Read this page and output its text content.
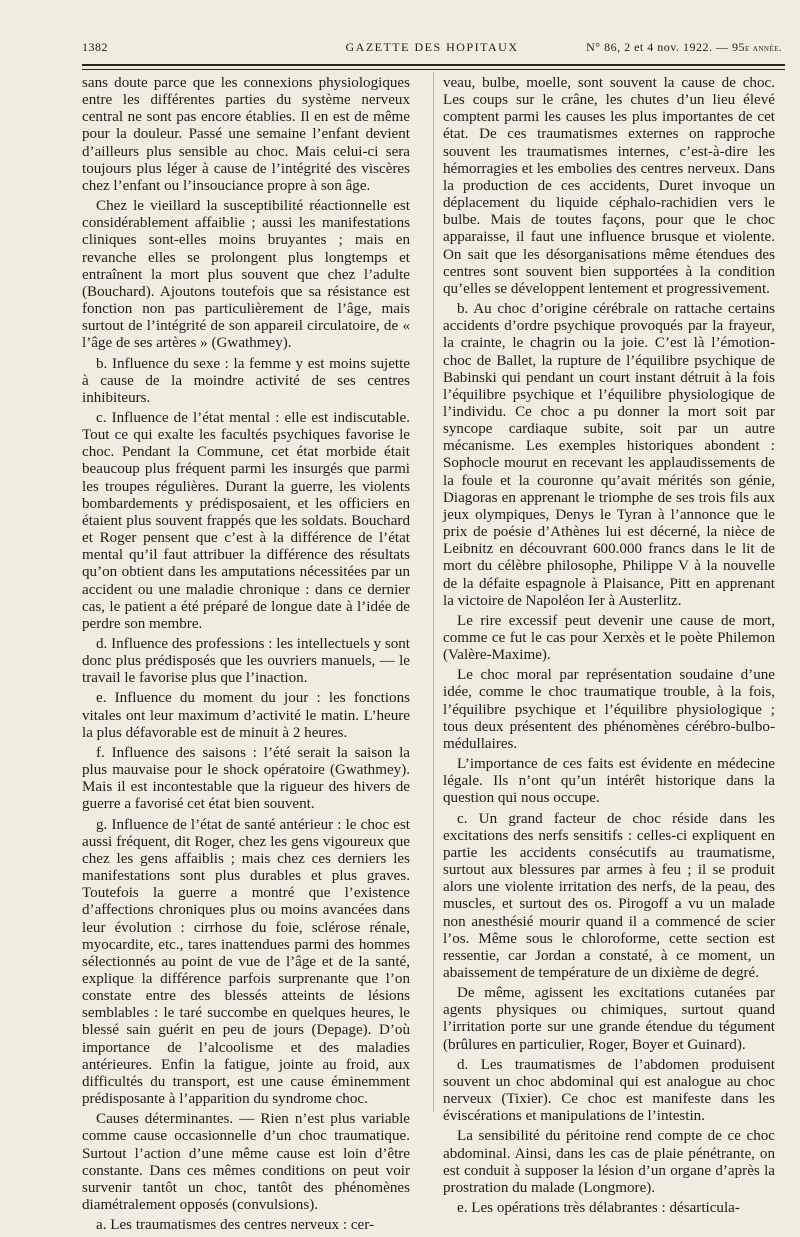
1382	GAZETTE DES HOPITAUX	N° 86, 2 et 4 nov. 1922. — 95e année.

sans doute parce que les connexions physiologiques entre les différentes parties du système nerveux central ne sont pas encore établies. Il en est de même pour la douleur. Passé une semaine l’enfant devient d’ailleurs plus sensible au choc. Mais celui-ci sera toujours plus léger à cause de l’intégrité des viscères chez l’enfant ou l’insouciance propre à son âge.

Chez le vieillard la susceptibilité réactionnelle est considérablement affaiblie ; aussi les manifestations cliniques sont-elles moins bruyantes ; mais en revanche elles se prolongent plus longtemps et entraînent la mort plus souvent que chez l’adulte (Bouchard). Ajoutons toutefois que sa résistance est fonction non pas particulièrement de l’âge, mais surtout de l’intégrité de son appareil circulatoire, de « l’âge de ses artères » (Gwathmey).

b. Influence du sexe : la femme y est moins sujette à cause de la moindre activité de ses centres inhibiteurs.

c. Influence de l’état mental : elle est indiscutable. Tout ce qui exalte les facultés psychiques favorise le choc. Pendant la Commune, cet état morbide était beaucoup plus fréquent parmi les insurgés que parmi les troupes régulières. Durant la guerre, les violents bombardements y prédisposaient, et les officiers en étaient plus souvent frappés que les soldats. Bouchard et Roger pensent que c’est à la différence de l’état mental qu’il faut attribuer la différence des résultats qu’on obtient dans les amputations nécessitées par un accident ou une maladie chronique : dans ce dernier cas, le patient a été préparé de longue date à l’idée de perdre son membre.

d. Influence des professions : les intellectuels y sont donc plus prédisposés que les ouvriers manuels, — le travail le favorise plus que l’inaction.

e. Influence du moment du jour : les fonctions vitales ont leur maximum d’activité le matin. L’heure la plus défavorable est de minuit à 2 heures.

f. Influence des saisons : l’été serait la saison la plus mauvaise pour le shock opératoire (Gwathmey). Mais il est incontestable que la rigueur des hivers de guerre a favorisé cet état bien souvent.

g. Influence de l’état de santé antérieur : le choc est aussi fréquent, dit Roger, chez les gens vigoureux que chez les gens affaiblis ; mais chez ces derniers les manifestations sont plus durables et plus graves. Toutefois la guerre a montré que l’existence d’affections chroniques plus ou moins avancées dans leur évolution : cirrhose du foie, sclérose rénale, myocardite, etc., tares inattendues parmi des hommes sélectionnés au point de vue de l’âge et de la santé, explique la différence parfois surprenante que l’on constate entre des blessés atteints de lésions semblables : le taré succombe en quelques heures, le blessé sain guérit en peu de jours (Depage). D’où importance de l’alcoolisme et des maladies antérieures. Enfin la fatigue, jointe au froid, aux difficultés du transport, est une cause éminemment prédisposante à l’apparition du syndrome choc.

Causes déterminantes. — Rien n’est plus variable comme cause occasionnelle d’un choc traumatique. Surtout l’action d’une même cause est loin d’être constante. Dans ces mêmes conditions on peut voir survenir tantôt un choc, tantôt des phénomènes diamétralement opposés (convulsions).

a. Les traumatismes des centres nerveux : cer-

veau, bulbe, moelle, sont souvent la cause de choc. Les coups sur le crâne, les chutes d’un lieu élevé comptent parmi les causes les plus importantes de cet état. De ces traumatismes externes on rapproche souvent les traumatismes internes, c’est-à-dire les hémorragies et les embolies des centres nerveux. Dans la production de ces accidents, Duret invoque un déplacement du liquide céphalo-rachidien vers le bulbe. Mais de toutes façons, pour que le choc apparaisse, il faut une influence brusque et violente. On sait que les désorganisations même étendues des centres sont souvent bien supportées à la condition qu’elles se développent lentement et progressivement.

b. Au choc d’origine cérébrale on rattache certains accidents d’ordre psychique provoqués par la frayeur, la crainte, le chagrin ou la joie. C’est là l’émotion-choc de Ballet, la rupture de l’équilibre psychique de Babinski qui pendant un court instant détruit à la fois l’équilibre psychique et l’équilibre physiologique de l’individu. Ce choc a pu donner la mort soit par syncope cardiaque subite, soit par un autre mécanisme. Les exemples historiques abondent : Sophocle mourut en recevant les applaudissements de la foule et la couronne qu’avait mérités son génie, Diagoras en apprenant le triomphe de ses trois fils aux jeux olympiques, Denys le Tyran à l’annonce que le prix de poésie d’Athènes lui est décerné, la nièce de Leibnitz en découvrant 600.000 francs dans le lit de mort du célèbre philosophe, Philippe V à la nouvelle de la défaite espagnole à Plaisance, Pitt en apprenant la victoire de Napoléon Ier à Austerlitz.

Le rire excessif peut devenir une cause de mort, comme ce fut le cas pour Xerxès et le poète Philemon (Valère-Maxime).

Le choc moral par représentation soudaine d’une idée, comme le choc traumatique trouble, à la fois, l’équilibre psychique et l’équilibre physiologique ; tous deux présentent des phénomènes cérébro-bulbo-médullaires.

L’importance de ces faits est évidente en médecine légale. Ils n’ont qu’un intérêt historique dans la question qui nous occupe.

c. Un grand facteur de choc réside dans les excitations des nerfs sensitifs : celles-ci expliquent en partie les accidents consécutifs au traumatisme, surtout aux blessures par armes à feu ; il se produit alors une violente irritation des nerfs, de la peau, des muscles, et surtout des os. Pirogoff a vu un malade non anesthésié mourir quand il a commencé de scier l’os. Même sous le chloroforme, cette section est ressentie, car Jordan a constaté, à ce moment, un abaissement de température de un dixième de degré.

De même, agissent les excitations cutanées par agents physiques ou chimiques, surtout quand l’irritation porte sur une grande étendue du tégument (brûlures en particulier, Roger, Boyer et Guinard).

d. Les traumatismes de l’abdomen produisent souvent un choc abdominal qui est analogue au choc nerveux (Tixier). Ce choc est manifeste dans les éviscérations et manipulations de l’intestin.

La sensibilité du péritoine rend compte de ce choc abdominal. Ainsi, dans les cas de plaie pénétrante, on est conduit à supposer la lésion d’un organe d’après la prostration du malade (Longmore).

e. Les opérations très délabrantes : désarticula-
